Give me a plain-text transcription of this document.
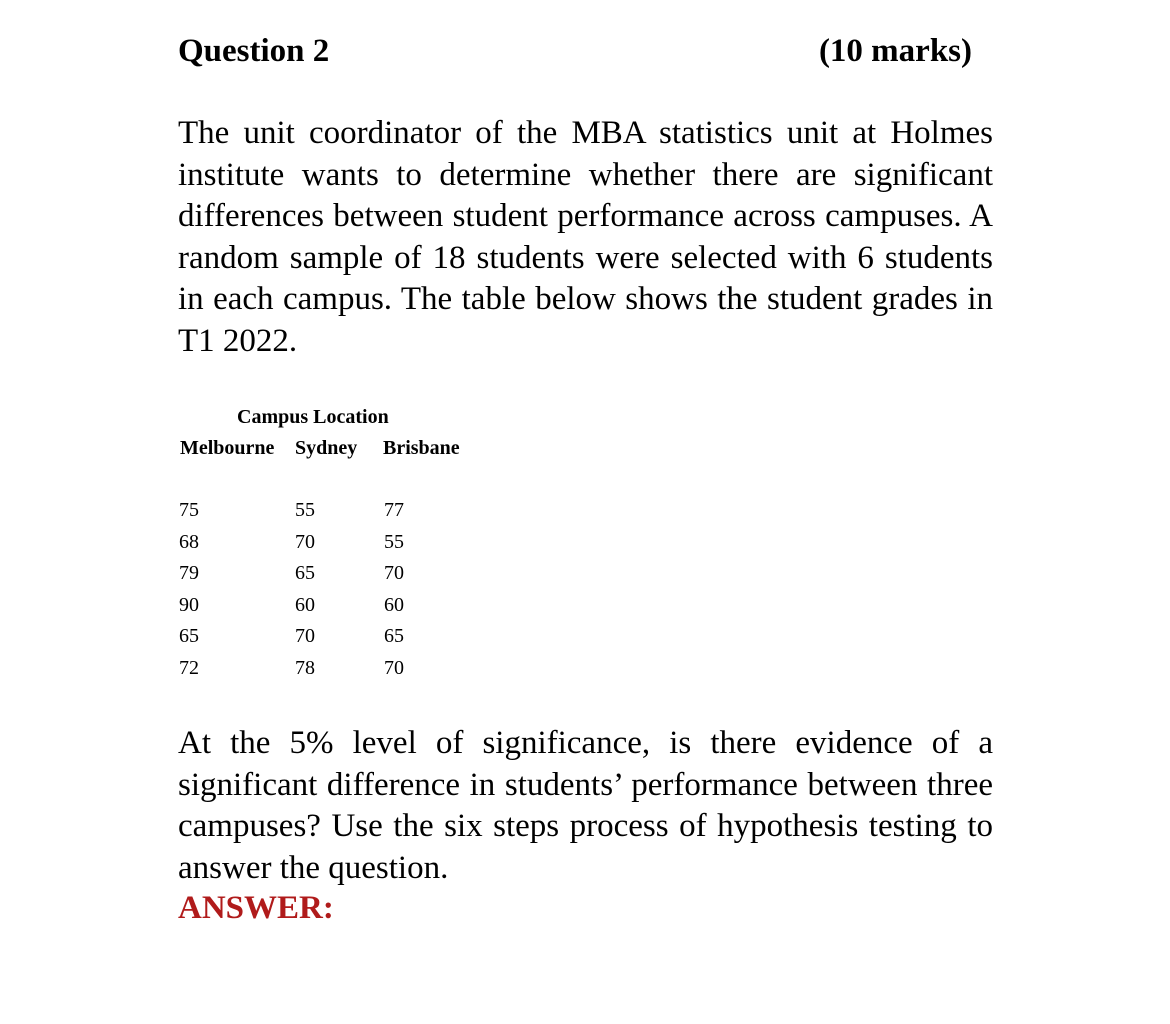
Question 2	(10 marks)

The unit coordinator of the MBA statistics unit at Holmes institute wants to determine whether there are significant differences between student performance across campuses. A random sample of 18 students were selected with 6 students in each campus. The table below shows the student grades in T1 2022.

Campus Location
Melbourne Sydney Brisbane
75
68
79
90
65
72
55
70
65
60
70
78
77
55
70
60
65
70

At the 5% level of significance, is there evidence of a significant difference in students’ performance between three campuses? Use the six steps process of hypothesis testing to answer the question.

ANSWER:
